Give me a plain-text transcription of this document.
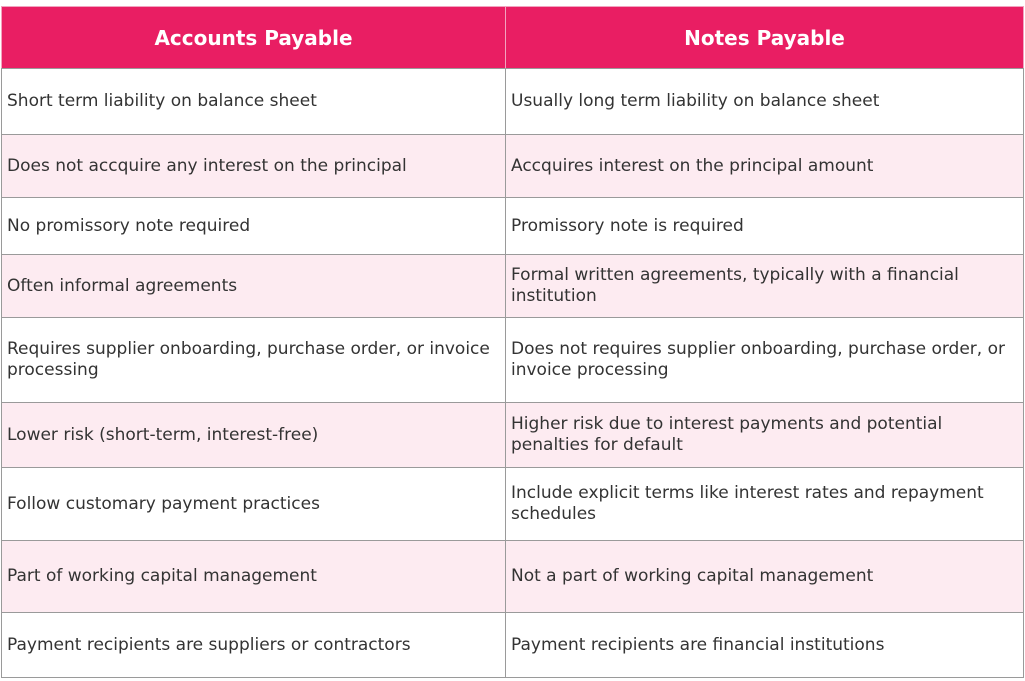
Accounts Payable	Notes Payable
Short term liability on balance sheet	Usually long term liability on balance sheet
Does not accquire any interest on the principal	Accquires interest on the principal amount
No promissory note required	Promissory note is required
Often informal agreements	Formal written agreements, typically with a financial institution
Requires supplier onboarding, purchase order, or invoice processing	Does not requires supplier onboarding, purchase order, or invoice processing
Lower risk (short-term, interest-free)	Higher risk due to interest payments and potential penalties for default
Follow customary payment practices	Include explicit terms like interest rates and repayment schedules
Part of working capital management	Not a part of working capital management
Payment recipients are suppliers or contractors	Payment recipients are financial institutions
